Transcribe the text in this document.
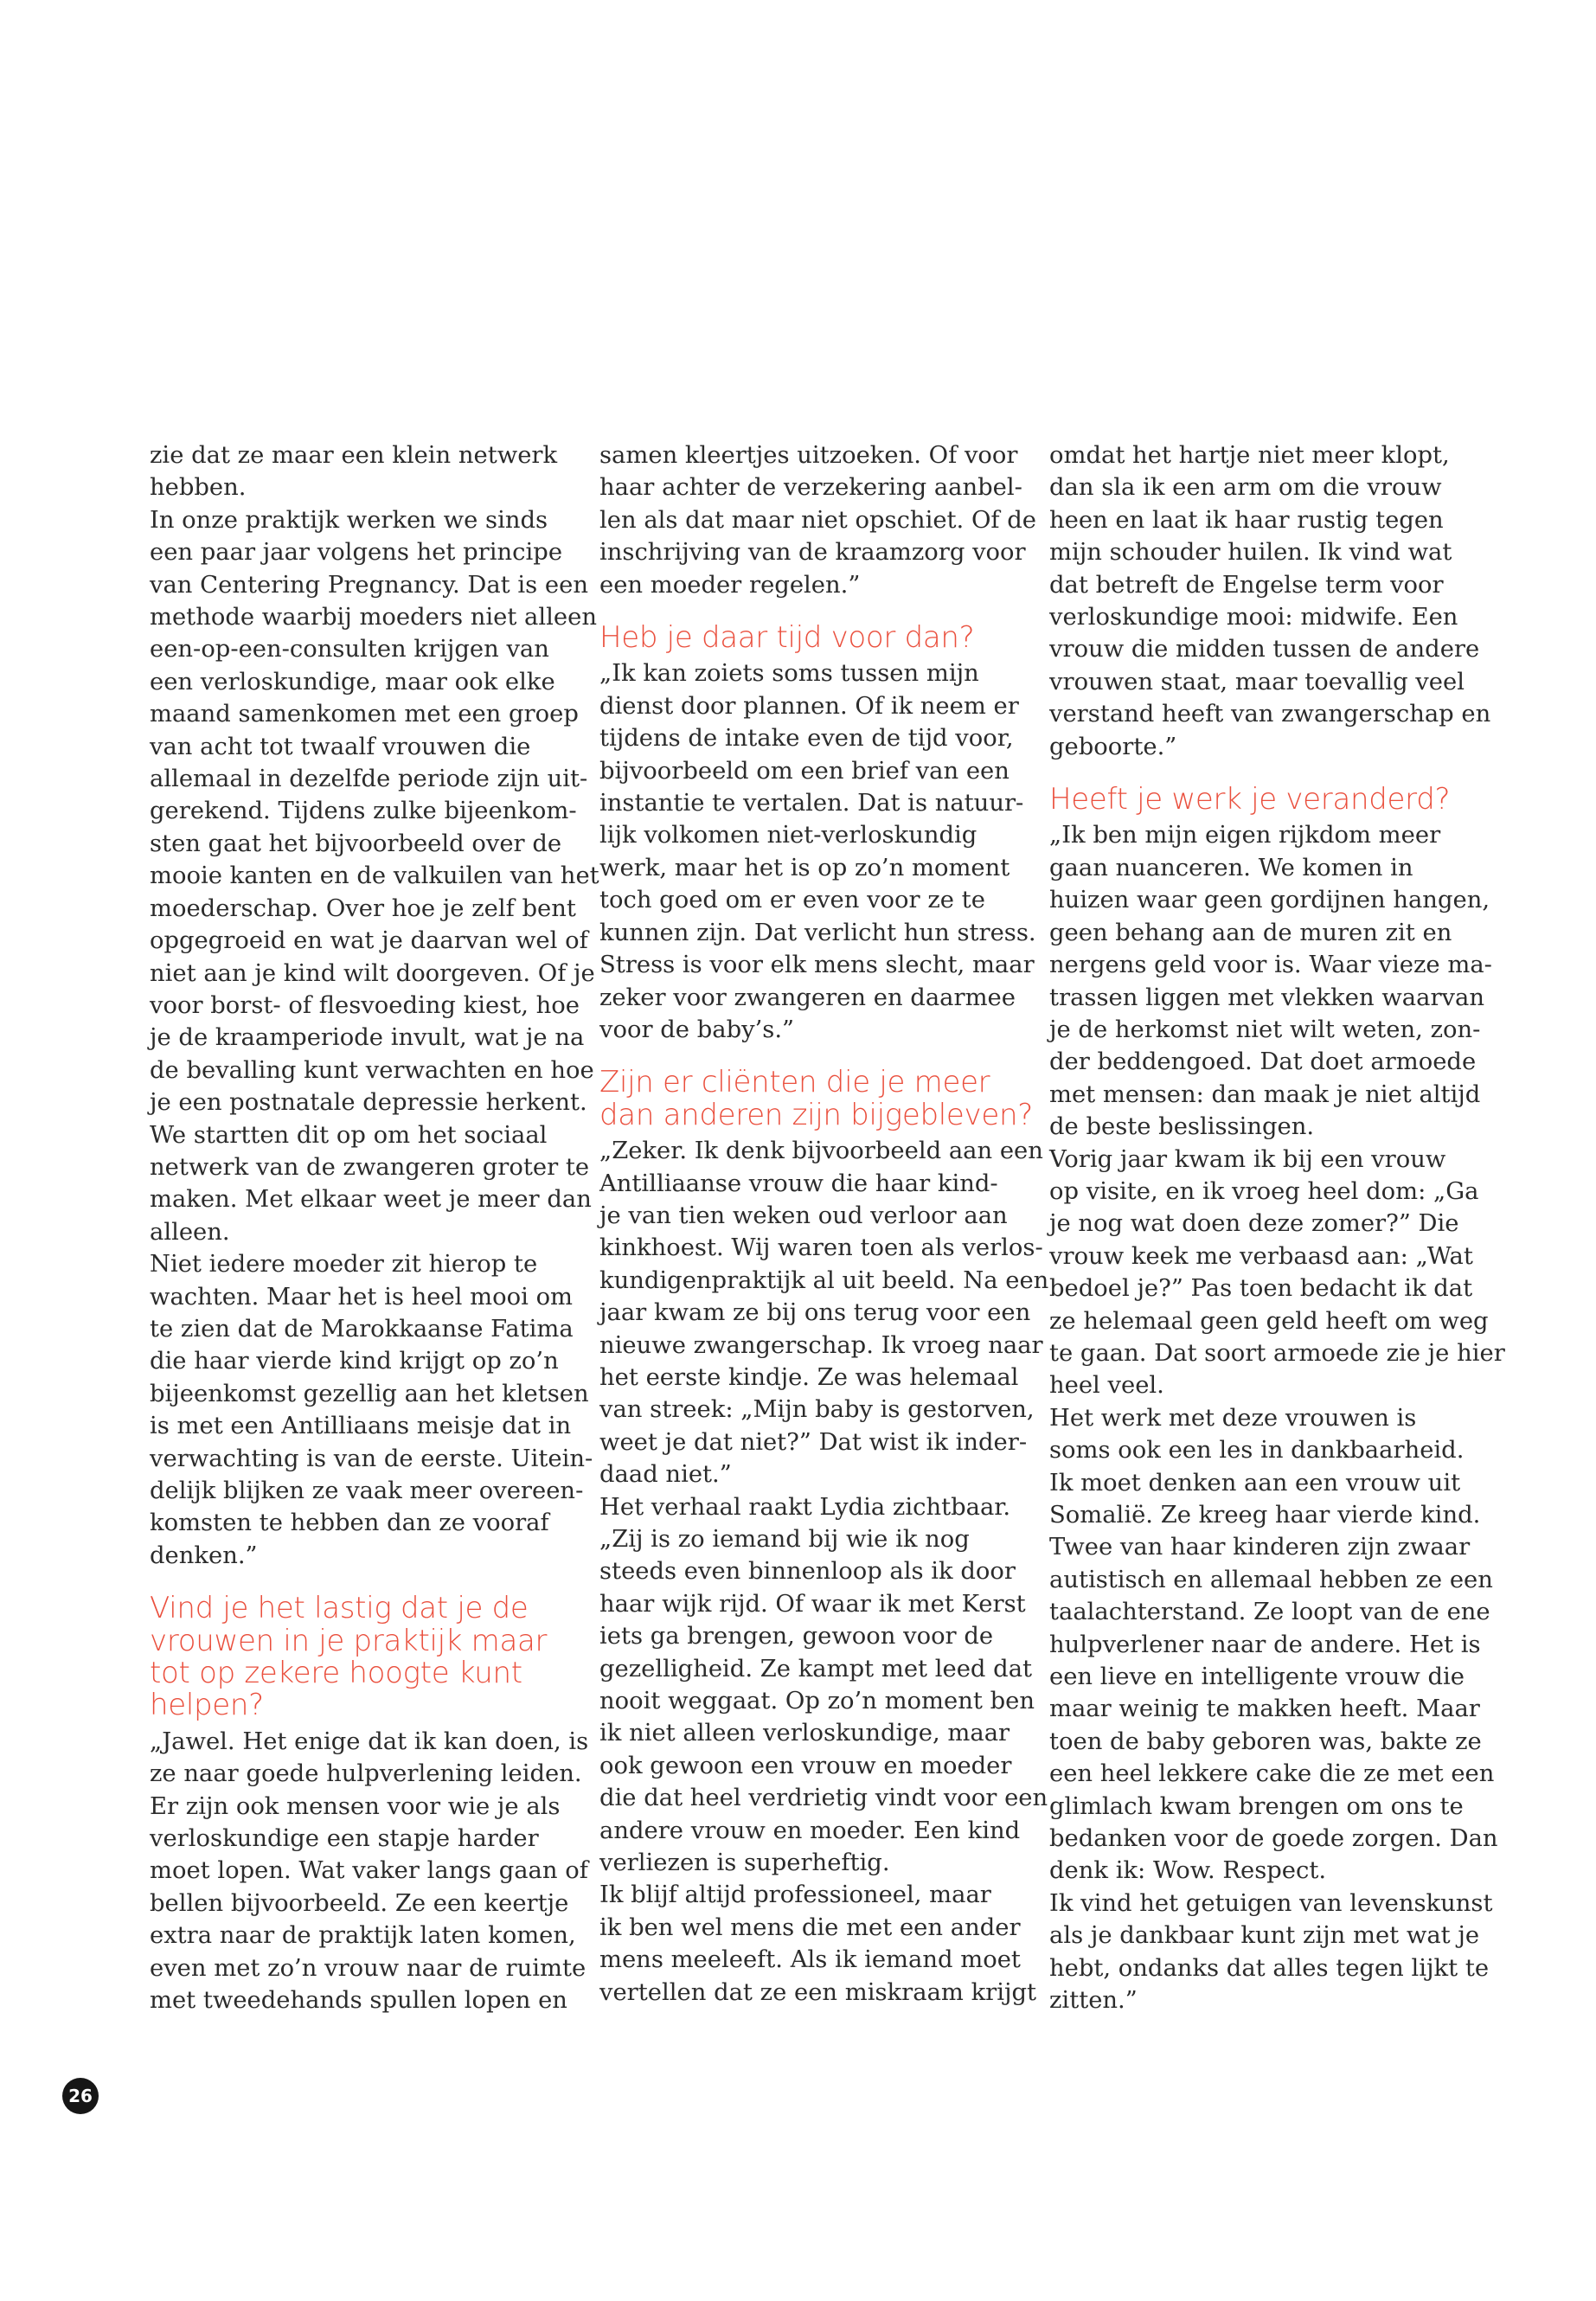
zie dat ze maar een klein netwerk
hebben.
In onze praktijk werken we sinds
een paar jaar volgens het principe
van Centering Pregnancy. Dat is een
methode waarbij moeders niet alleen
een-op-een-consulten krijgen van
een verloskundige, maar ook elke
maand samenkomen met een groep
van acht tot twaalf vrouwen die
allemaal in dezelfde periode zijn uit-
gerekend. Tijdens zulke bijeenkom-
sten gaat het bijvoorbeeld over de
mooie kanten en de valkuilen van het
moederschap. Over hoe je zelf bent
opgegroeid en wat je daarvan wel of
niet aan je kind wilt doorgeven. Of je
voor borst- of flesvoeding kiest, hoe
je de kraamperiode invult, wat je na
de bevalling kunt verwachten en hoe
je een postnatale depressie herkent.
We startten dit op om het sociaal
netwerk van de zwangeren groter te
maken. Met elkaar weet je meer dan
alleen.
Niet iedere moeder zit hierop te
wachten. Maar het is heel mooi om
te zien dat de Marokkaanse Fatima
die haar vierde kind krijgt op zo’n
bijeenkomst gezellig aan het kletsen
is met een Antilliaans meisje dat in
verwachting is van de eerste. Uitein-
delijk blijken ze vaak meer overeen-
komsten te hebben dan ze vooraf
denken.”
Vind je het lastig dat je de
vrouwen in je praktijk maar
tot op zekere hoogte kunt
helpen?
„Jawel. Het enige dat ik kan doen, is
ze naar goede hulpverlening leiden.
Er zijn ook mensen voor wie je als
verloskundige een stapje harder
moet lopen. Wat vaker langs gaan of
bellen bijvoorbeeld. Ze een keertje
extra naar de praktijk laten komen,
even met zo’n vrouw naar de ruimte
met tweedehands spullen lopen en
samen kleertjes uitzoeken. Of voor
haar achter de verzekering aanbel-
len als dat maar niet opschiet. Of de
inschrijving van de kraamzorg voor
een moeder regelen.”
Heb je daar tijd voor dan?
„Ik kan zoiets soms tussen mijn
dienst door plannen. Of ik neem er
tijdens de intake even de tijd voor,
bijvoorbeeld om een brief van een
instantie te vertalen. Dat is natuur-
lijk volkomen niet-verloskundig
werk, maar het is op zo’n moment
toch goed om er even voor ze te
kunnen zijn. Dat verlicht hun stress.
Stress is voor elk mens slecht, maar
zeker voor zwangeren en daarmee
voor de baby’s.”
Zijn er cliënten die je meer
dan anderen zijn bijgebleven?
„Zeker. Ik denk bijvoorbeeld aan een
Antilliaanse vrouw die haar kind-
je van tien weken oud verloor aan
kinkhoest. Wij waren toen als verlos-
kundigenpraktijk al uit beeld. Na een
jaar kwam ze bij ons terug voor een
nieuwe zwangerschap. Ik vroeg naar
het eerste kindje. Ze was helemaal
van streek: „Mijn baby is gestorven,
weet je dat niet?” Dat wist ik inder-
daad niet.”
Het verhaal raakt Lydia zichtbaar.
„Zij is zo iemand bij wie ik nog
steeds even binnenloop als ik door
haar wijk rijd. Of waar ik met Kerst
iets ga brengen, gewoon voor de
gezelligheid. Ze kampt met leed dat
nooit weggaat. Op zo’n moment ben
ik niet alleen verloskundige, maar
ook gewoon een vrouw en moeder
die dat heel verdrietig vindt voor een
andere vrouw en moeder. Een kind
verliezen is superheftig.
Ik blijf altijd professioneel, maar
ik ben wel mens die met een ander
mens meeleeft. Als ik iemand moet
vertellen dat ze een miskraam krijgt
omdat het hartje niet meer klopt,
dan sla ik een arm om die vrouw
heen en laat ik haar rustig tegen
mijn schouder huilen. Ik vind wat
dat betreft de Engelse term voor
verloskundige mooi: midwife. Een
vrouw die midden tussen de andere
vrouwen staat, maar toevallig veel
verstand heeft van zwangerschap en
geboorte.”
Heeft je werk je veranderd?
„Ik ben mijn eigen rijkdom meer
gaan nuanceren. We komen in
huizen waar geen gordijnen hangen,
geen behang aan de muren zit en
nergens geld voor is. Waar vieze ma-
trassen liggen met vlekken waarvan
je de herkomst niet wilt weten, zon-
der beddengoed. Dat doet armoede
met mensen: dan maak je niet altijd
de beste beslissingen.
Vorig jaar kwam ik bij een vrouw
op visite, en ik vroeg heel dom: „Ga
je nog wat doen deze zomer?” Die
vrouw keek me verbaasd aan: „Wat
bedoel je?” Pas toen bedacht ik dat
ze helemaal geen geld heeft om weg
te gaan. Dat soort armoede zie je hier
heel veel.
Het werk met deze vrouwen is
soms ook een les in dankbaarheid.
Ik moet denken aan een vrouw uit
Somalië. Ze kreeg haar vierde kind.
Twee van haar kinderen zijn zwaar
autistisch en allemaal hebben ze een
taalachterstand. Ze loopt van de ene
hulpverlener naar de andere. Het is
een lieve en intelligente vrouw die
maar weinig te makken heeft. Maar
toen de baby geboren was, bakte ze
een heel lekkere cake die ze met een
glimlach kwam brengen om ons te
bedanken voor de goede zorgen. Dan
denk ik: Wow. Respect.
Ik vind het getuigen van levenskunst
als je dankbaar kunt zijn met wat je
hebt, ondanks dat alles tegen lijkt te
zitten.”
26
